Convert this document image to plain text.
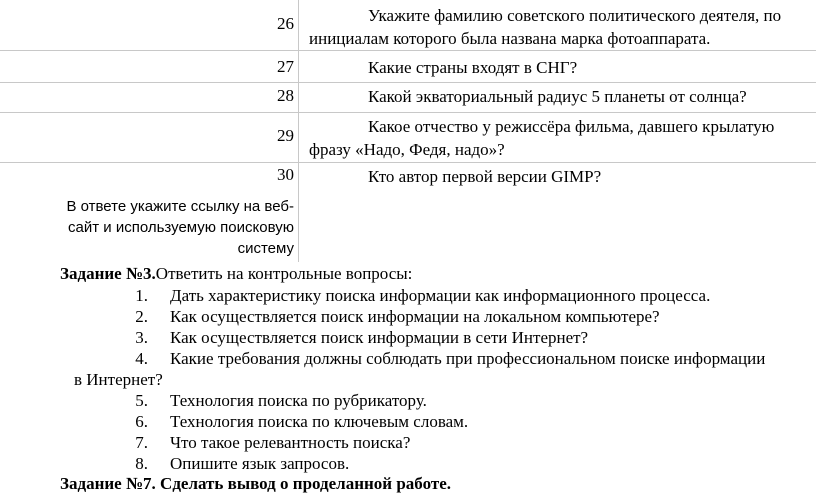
26	Укажите фамилию советского политического деятеля, по инициалам которого была названа марка фотоаппарата.
27	Какие страны входят в СНГ?
28	Какой экваториальный радиус 5 планеты от солнца?
29	Какое отчество у режиссёра фильма, давшего крылатую фразу «Надо, Федя, надо»?
30	Кто автор первой версии GIMP?
В ответе укажите ссылку на веб-сайт и используемую поисковую систему
Задание №3.Ответить на контрольные вопросы:
1. Дать характеристику поиска информации как информационного процесса.
2. Как осуществляется поиск информации на локальном компьютере?
3. Как осуществляется поиск информации в сети Интернет?
4. Какие требования должны соблюдать при профессиональном поиске информации
в Интернет?
5. Технология поиска по рубрикатору.
6. Технология поиска по ключевым словам.
7. Что такое релевантность поиска?
8. Опишите язык запросов.
Задание №7. Сделать вывод о проделанной работе.
